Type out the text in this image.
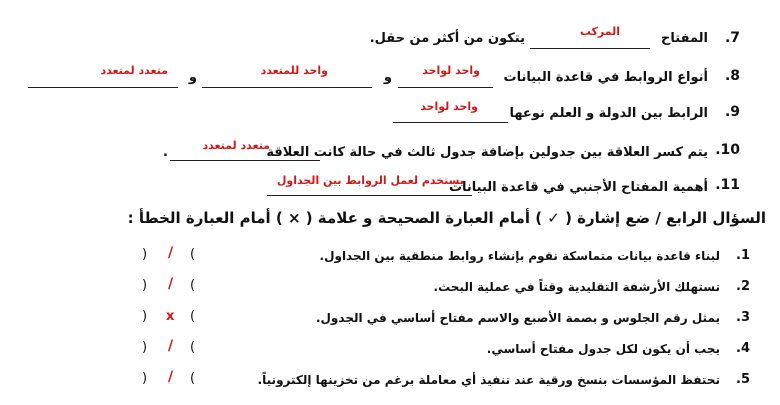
.7
المفتاح
المركب
يتكون من أكثر من حقل.
.8
أنواع الروابط في قاعدة البيانات
واحد لواحد
و
واحد للمتعدد
و
متعدد لمتعدد
.9
الرابط بين الدولة و العلم نوعها
واحد لواحد
.10
يتم كسر العلاقة بين جدولين بإضافة جدول ثالث في حالة كانت العلاقة
متعدد لمتعدد
.
.11
أهمية المفتاح الأجنبي في قاعدة البيانات
يستخدم لعمل الروابط بين الجداول
السؤال الرابع / ضع إشارة ( ✓ ) أمام العبارة الصحيحة و علامة ( × ) أمام العبارة الخطأ :
.1
لبناء قاعدة بيانات متماسكة نقوم بإنشاء روابط منطقية بين الجداول.
(
/
)
.2
تستهلك الأرشفة التقليدية وقتاً في عملية البحث.
(
/
)
.3
يمثل رقم الجلوس و بصمة الأصبع والاسم مفتاح أساسي في الجدول.
(
x
)
.4
يجب أن يكون لكل جدول مفتاح أساسي.
(
/
)
.5
تحتفظ المؤسسات بنسخ ورقية عند تنفيذ أي معاملة برغم من تخزينها إلكترونياً.
(
/
)
